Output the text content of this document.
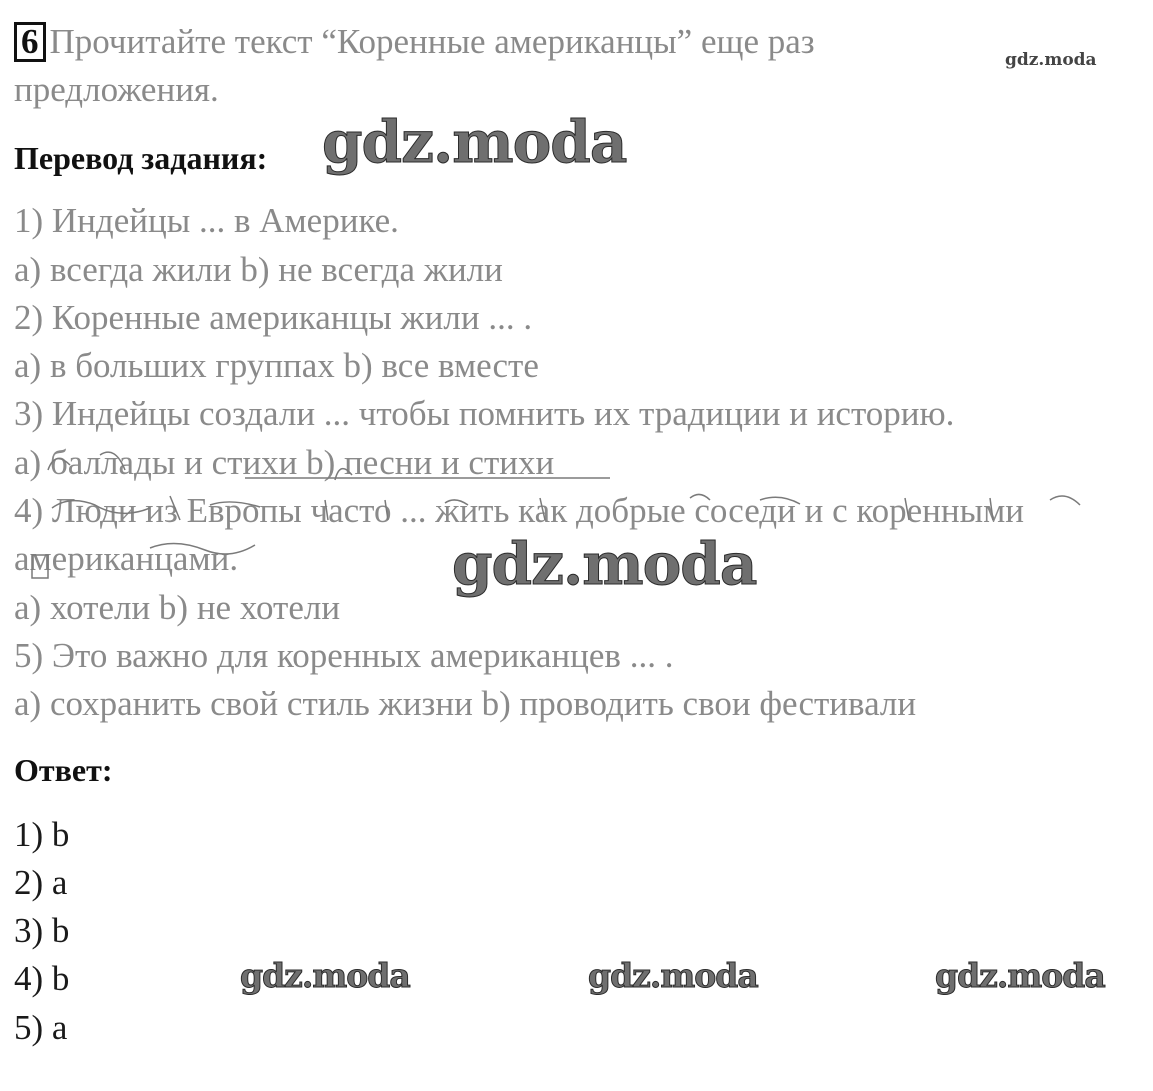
6 Прочитайте текст “Коренные американцы” еще раз
предложения.
gdz.moda
Перевод задания: gdz.moda
1) Индейцы ... в Америке.
a) всегда жили b) не всегда жили
2) Коренные американцы жили ... .
a) в больших группах b) все вместе
3) Индейцы создали ... чтобы помнить их традиции и историю.
a) баллады и стихи b) песни и стихи
4) Люди из Европы часто ... жить как добрые соседи и с коренными
американцами.
a) хотели b) не хотели
5) Это важно для коренных американцев ... .
a) сохранить свой стиль жизни b) проводить свои фестивали
gdz.moda
Ответ:
1) b
2) a
3) b
4) b
5) a
gdz.moda	gdz.moda	gdz.moda
